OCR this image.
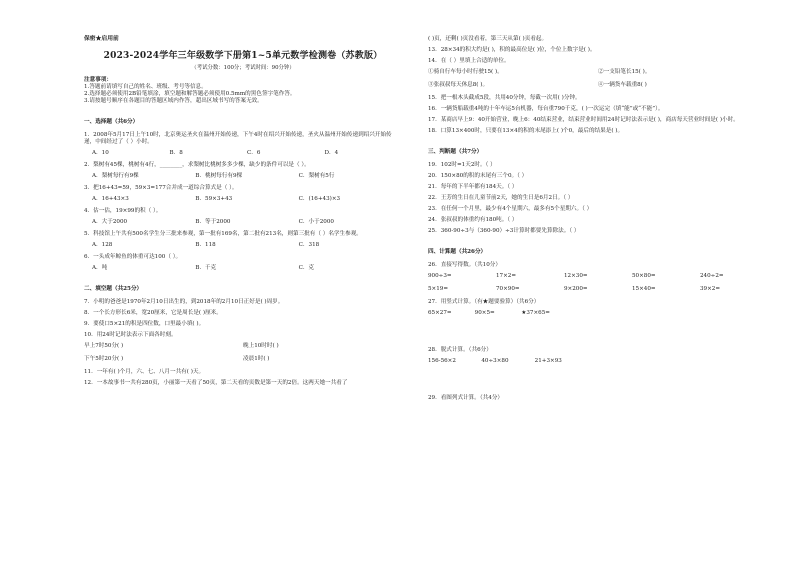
保密★启用前
2023-2024学年三年级数学下册第1~5单元数学检测卷（苏教版）
（考试分数：100分；考试时间：90分钟）
注意事项：
1.答题前请填写自己的姓名、班级、考号等信息。
2.选择题必须使用2B铅笔填涂，填空题和解答题必须使用0.5mm的黑色签字笔作答。
3.请按题号顺序在各题目的答题区域内作答，超出区域书写的答案无效。
一、选择题（共6分）
1．2008年5月17日上午10时，北京奥运圣火在温州开始传递，下午4时在绍兴开始传递，圣火从温州开始传递到绍兴开始传递，中间经过了（ ）小时。
A．10	B．8	C．6	D．4
2．梨树有45棵，桃树有4行，________，求梨树比桃树多多少棵，缺少的条件可以是（ ）。
A．梨树每行有9棵	B．桃树每行有9棵	C．梨树有5行
3．把16+43=59，59×3=177合并成一道综合算式是（ ）。
A．16+43×3	B．59×3+43	C．(16+43)×3
4．估一估，19×99的积（ ）。
A．大于2000	B．等于2000	C．小于2000
5．科技馆上午共有500名学生分三批来参观，第一批有169名，第二批有213名，则第三批有（ ）名学生参观。
A．128	B．118	C．318
6．一头成年鲸鱼的体重可达100（ ）。
A．吨	B．千克	C．克
二、填空题（共25分）
7．小明的爸爸是1970年2月10日出生的，到2018年的2月10日正好是( )周岁。
8．一个长方形长6米，宽20厘米，它是周长是( )厘米。
9．要使口5×21的积是四位数，口里最小填( )。
10．用24时记时法表示下面各时刻。
早上7时50分( )	晚上10时时( )
下午5时20分( )	凌晨1时( )
11．一年有( )个月，六、七、八月一共有( )天。
12．一本故事书一共有280页，小丽第一天看了50页，第二天看的页数是第一天的2倍。这两天她一共看了
( )页，还剩( )页没看着，第三天从第( )页看起。
13．28×34的积大约是( )，积的最高位是( )位，个位上数字是( )。
14．在（ ）里填上合适的单位。
①骑自行车每小时行驶15( )。	②一支铅笔长15( )。
③张叔叔每天休息8( )。	④一辆货车载重8( )
15．把一根木头截成5段，共用40分钟，每截一次用( )分钟。
16．一辆货船载重4吨的十年车运5台机器，每台重790千克，( )一次运完（填“能”或“不能”）。
17．某商店早上9：40开始营业，晚上6：40结束营业，结束营业时间用24时记时法表示是( )，商店每天营业时间是( )小时。
18．口算13×400时，只要在13×4的积的末尾添上( )个0，最后的结果是( )。
三、判断题（共7分）
19．102时=1天2时。（ ）
20．150×80的积的末尾有三个0。（ ）
21．每年的下半年都有184天。（ ）
22．王芳的生日在儿童节前2天，她的生日是6月2日。（ ）
23．在任何一个月里，最少有4个星期六，最多有5个星期六。（ ）
24．张叔叔的体重约有180吨。（ ）
25．360-90÷3与（360-90）÷3计算时都要先算除法。（ ）
四、计算题（共26分）
26．直接写得数。（共10分）
900÷3=	17×2=	12×30=	50×80=	240÷2=
5×19=	70×90=	9×200=	15×40=	39×2=
27．用竖式计算。（有★题要验算）（共6分）
65×27=	90×5=	★37×65=
28．脱式计算。（共6分）
156-56×2	40÷3×80	21+3×93
29．看图列式计算。（共4分）
